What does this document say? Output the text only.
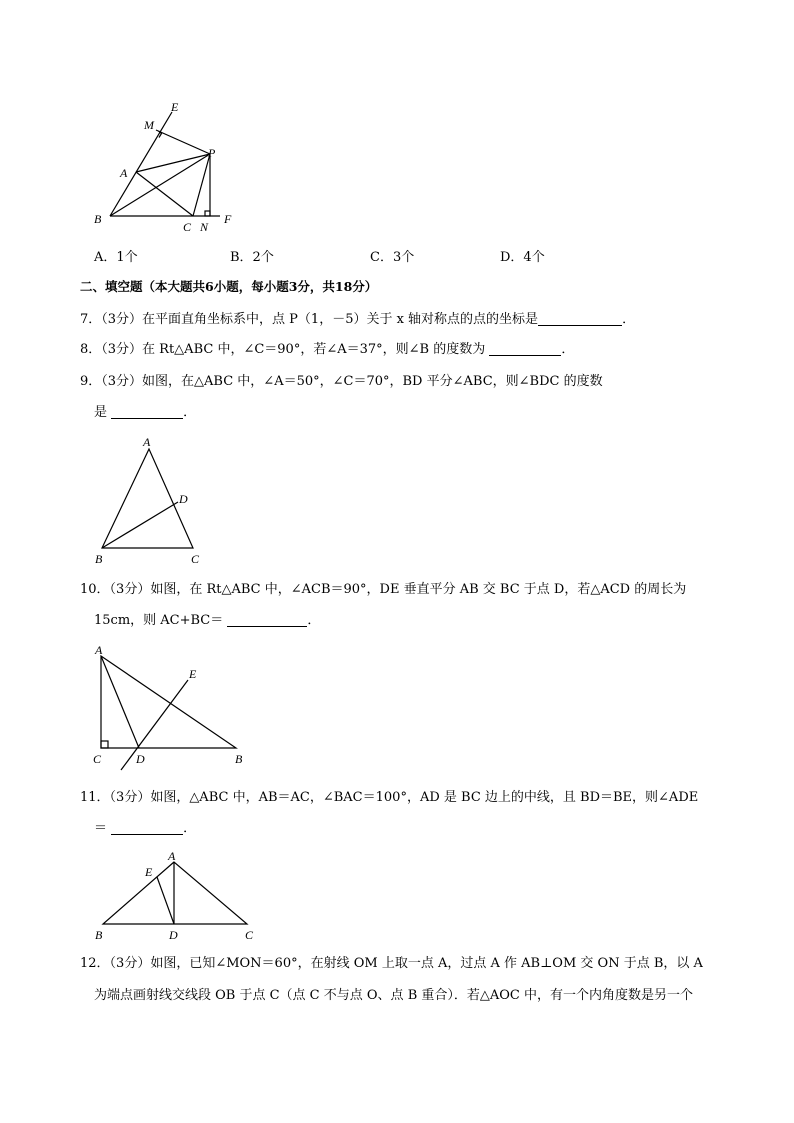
E
M
P
A
B
C N
F
A．1个	B．2个	C．3个	D．4个
二、填空题（本大题共6小题，每小题3分，共18分）
7．（3分）在平面直角坐标系中，点 P（1，－5）关于 x 轴对称点的点的坐标是	．
8．（3分）在 Rt△ABC 中，∠C＝90°，若∠A＝37°，则∠B 的度数为	．
9．（3分）如图，在△ABC 中，∠A＝50°，∠C＝70°，BD 平分∠ABC，则∠BDC 的度数
是	．
A
D
B	C
10．（3分）如图，在 Rt△ABC 中，∠ACB＝90°，DE 垂直平分 AB 交 BC 于点 D，若△ACD 的周长为
15cm，则 AC+BC＝	．
A
E
C	D	B
11．（3分）如图，△ABC 中，AB＝AC，∠BAC＝100°，AD 是 BC 边上的中线，且 BD＝BE，则∠ADE
＝	．
A
E
B	D	C
12．（3分）如图，已知∠MON＝60°，在射线 OM 上取一点 A，过点 A 作 AB⊥OM 交 ON 于点 B，以 A
为端点画射线交线段 OB 于点 C（点 C 不与点 O、点 B 重合）．若△AOC 中，有一个内角度数是另一个
